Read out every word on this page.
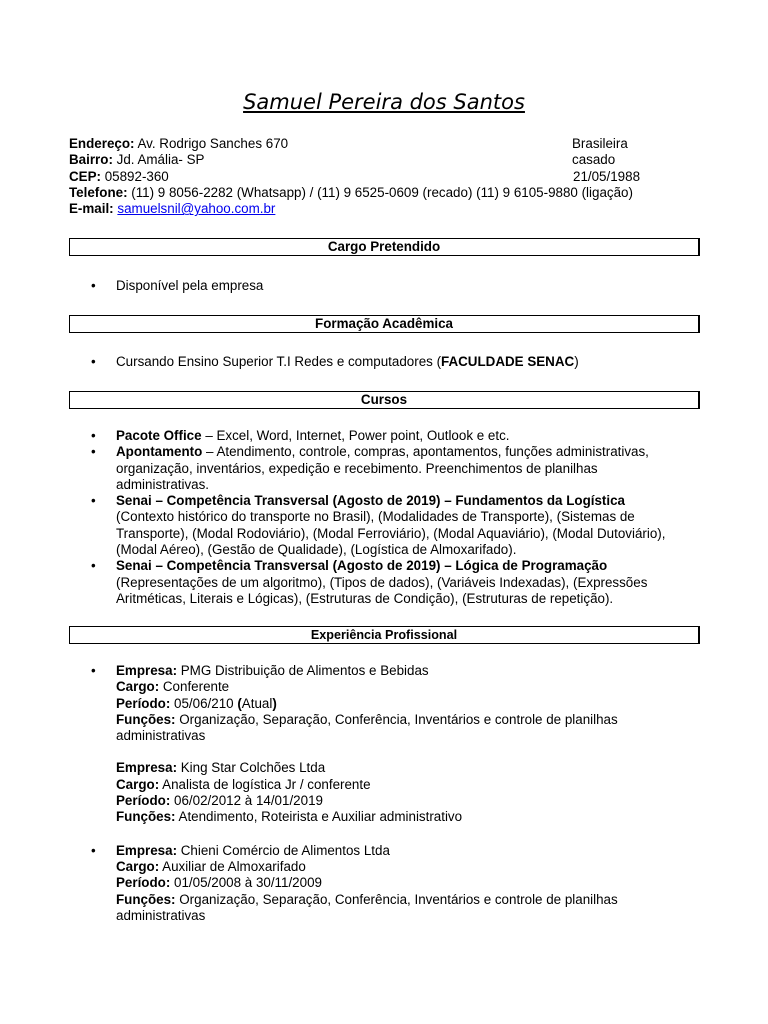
Samuel Pereira dos Santos
Endereço: Av. Rodrigo Sanches 670	Brasileira
Bairro: Jd. Amália- SP	casado
CEP: 05892-360	21/05/1988
Telefone: (11) 9 8056-2282 (Whatsapp) / (11) 9 6525-0609 (recado) (11) 9 6105-9880 (ligação)
E-mail: samuelsnil@yahoo.com.br
Cargo Pretendido
• Disponível pela empresa
Formação Acadêmica
• Cursando Ensino Superior T.I Redes e computadores (FACULDADE SENAC)
Cursos
• Pacote Office – Excel, Word, Internet, Power point, Outlook e etc.
• Apontamento – Atendimento, controle, compras, apontamentos, funções administrativas, organização, inventários, expedição e recebimento. Preenchimentos de planilhas administrativas.
• Senai – Competência Transversal (Agosto de 2019) – Fundamentos da Logística (Contexto histórico do transporte no Brasil), (Modalidades de Transporte), (Sistemas de Transporte), (Modal Rodoviário), (Modal Ferroviário), (Modal Aquaviário), (Modal Dutoviário), (Modal Aéreo), (Gestão de Qualidade), (Logística de Almoxarifado).
• Senai – Competência Transversal (Agosto de 2019) – Lógica de Programação (Representações de um algoritmo), (Tipos de dados), (Variáveis Indexadas), (Expressões Aritméticas, Literais e Lógicas), (Estruturas de Condição), (Estruturas de repetição).
Experiência Profissional
• Empresa: PMG Distribuição de Alimentos e Bebidas
Cargo: Conferente
Período: 05/06/210 (Atual)
Funções: Organização, Separação, Conferência, Inventários e controle de planilhas administrativas
Empresa: King Star Colchões Ltda
Cargo: Analista de logística Jr / conferente
Período: 06/02/2012 à 14/01/2019
Funções: Atendimento, Roteirista e Auxiliar administrativo
• Empresa: Chieni Comércio de Alimentos Ltda
Cargo: Auxiliar de Almoxarifado
Período: 01/05/2008 à 30/11/2009
Funções: Organização, Separação, Conferência, Inventários e controle de planilhas administrativas
